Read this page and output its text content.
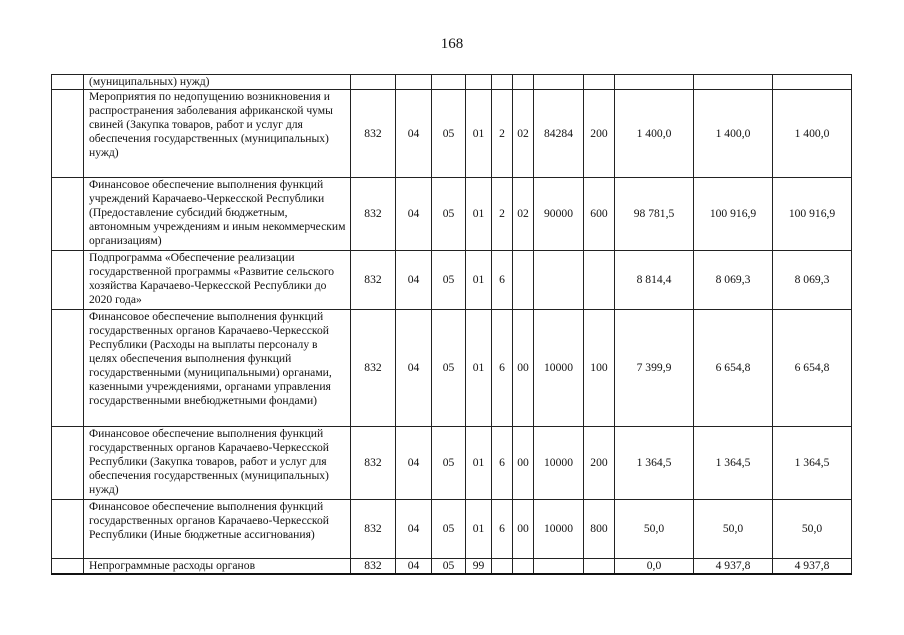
168
	(муниципальных) нужд)											
	Мероприятия по недопущению возникновения и распространения заболевания африканской чумы свиней (Закупка товаров, работ и услуг для обеспечения государственных (муниципальных) нужд)	832	04	05	01	2	02	84284	200	1 400,0	1 400,0	1 400,0
	Финансовое обеспечение выполнения функций учреждений Карачаево-Черкесской Республики (Предоставление субсидий бюджетным, автономным учреждениям и иным некоммерческим организациям)	832	04	05	01	2	02	90000	600	98 781,5	100 916,9	100 916,9
	Подпрограмма «Обеспечение реализации государственной программы «Развитие сельского хозяйства Карачаево-Черкесской Республики до 2020 года»	832	04	05	01	6				8 814,4	8 069,3	8 069,3
	Финансовое обеспечение выполнения функций государственных органов Карачаево-Черкесской Республики (Расходы на выплаты персоналу в целях обеспечения выполнения функций государственными (муниципальными) органами, казенными учреждениями, органами управления государственными внебюджетными фондами)	832	04	05	01	6	00	10000	100	7 399,9	6 654,8	6 654,8
	Финансовое обеспечение выполнения функций государственных органов Карачаево-Черкесской Республики (Закупка товаров, работ и услуг для обеспечения государственных (муниципальных) нужд)	832	04	05	01	6	00	10000	200	1 364,5	1 364,5	1 364,5
	Финансовое обеспечение выполнения функций государственных органов Карачаево-Черкесской Республики (Иные бюджетные ассигнования)	832	04	05	01	6	00	10000	800	50,0	50,0	50,0
	Непрограммные расходы органов	832	04	05	99					0,0	4 937,8	4 937,8
